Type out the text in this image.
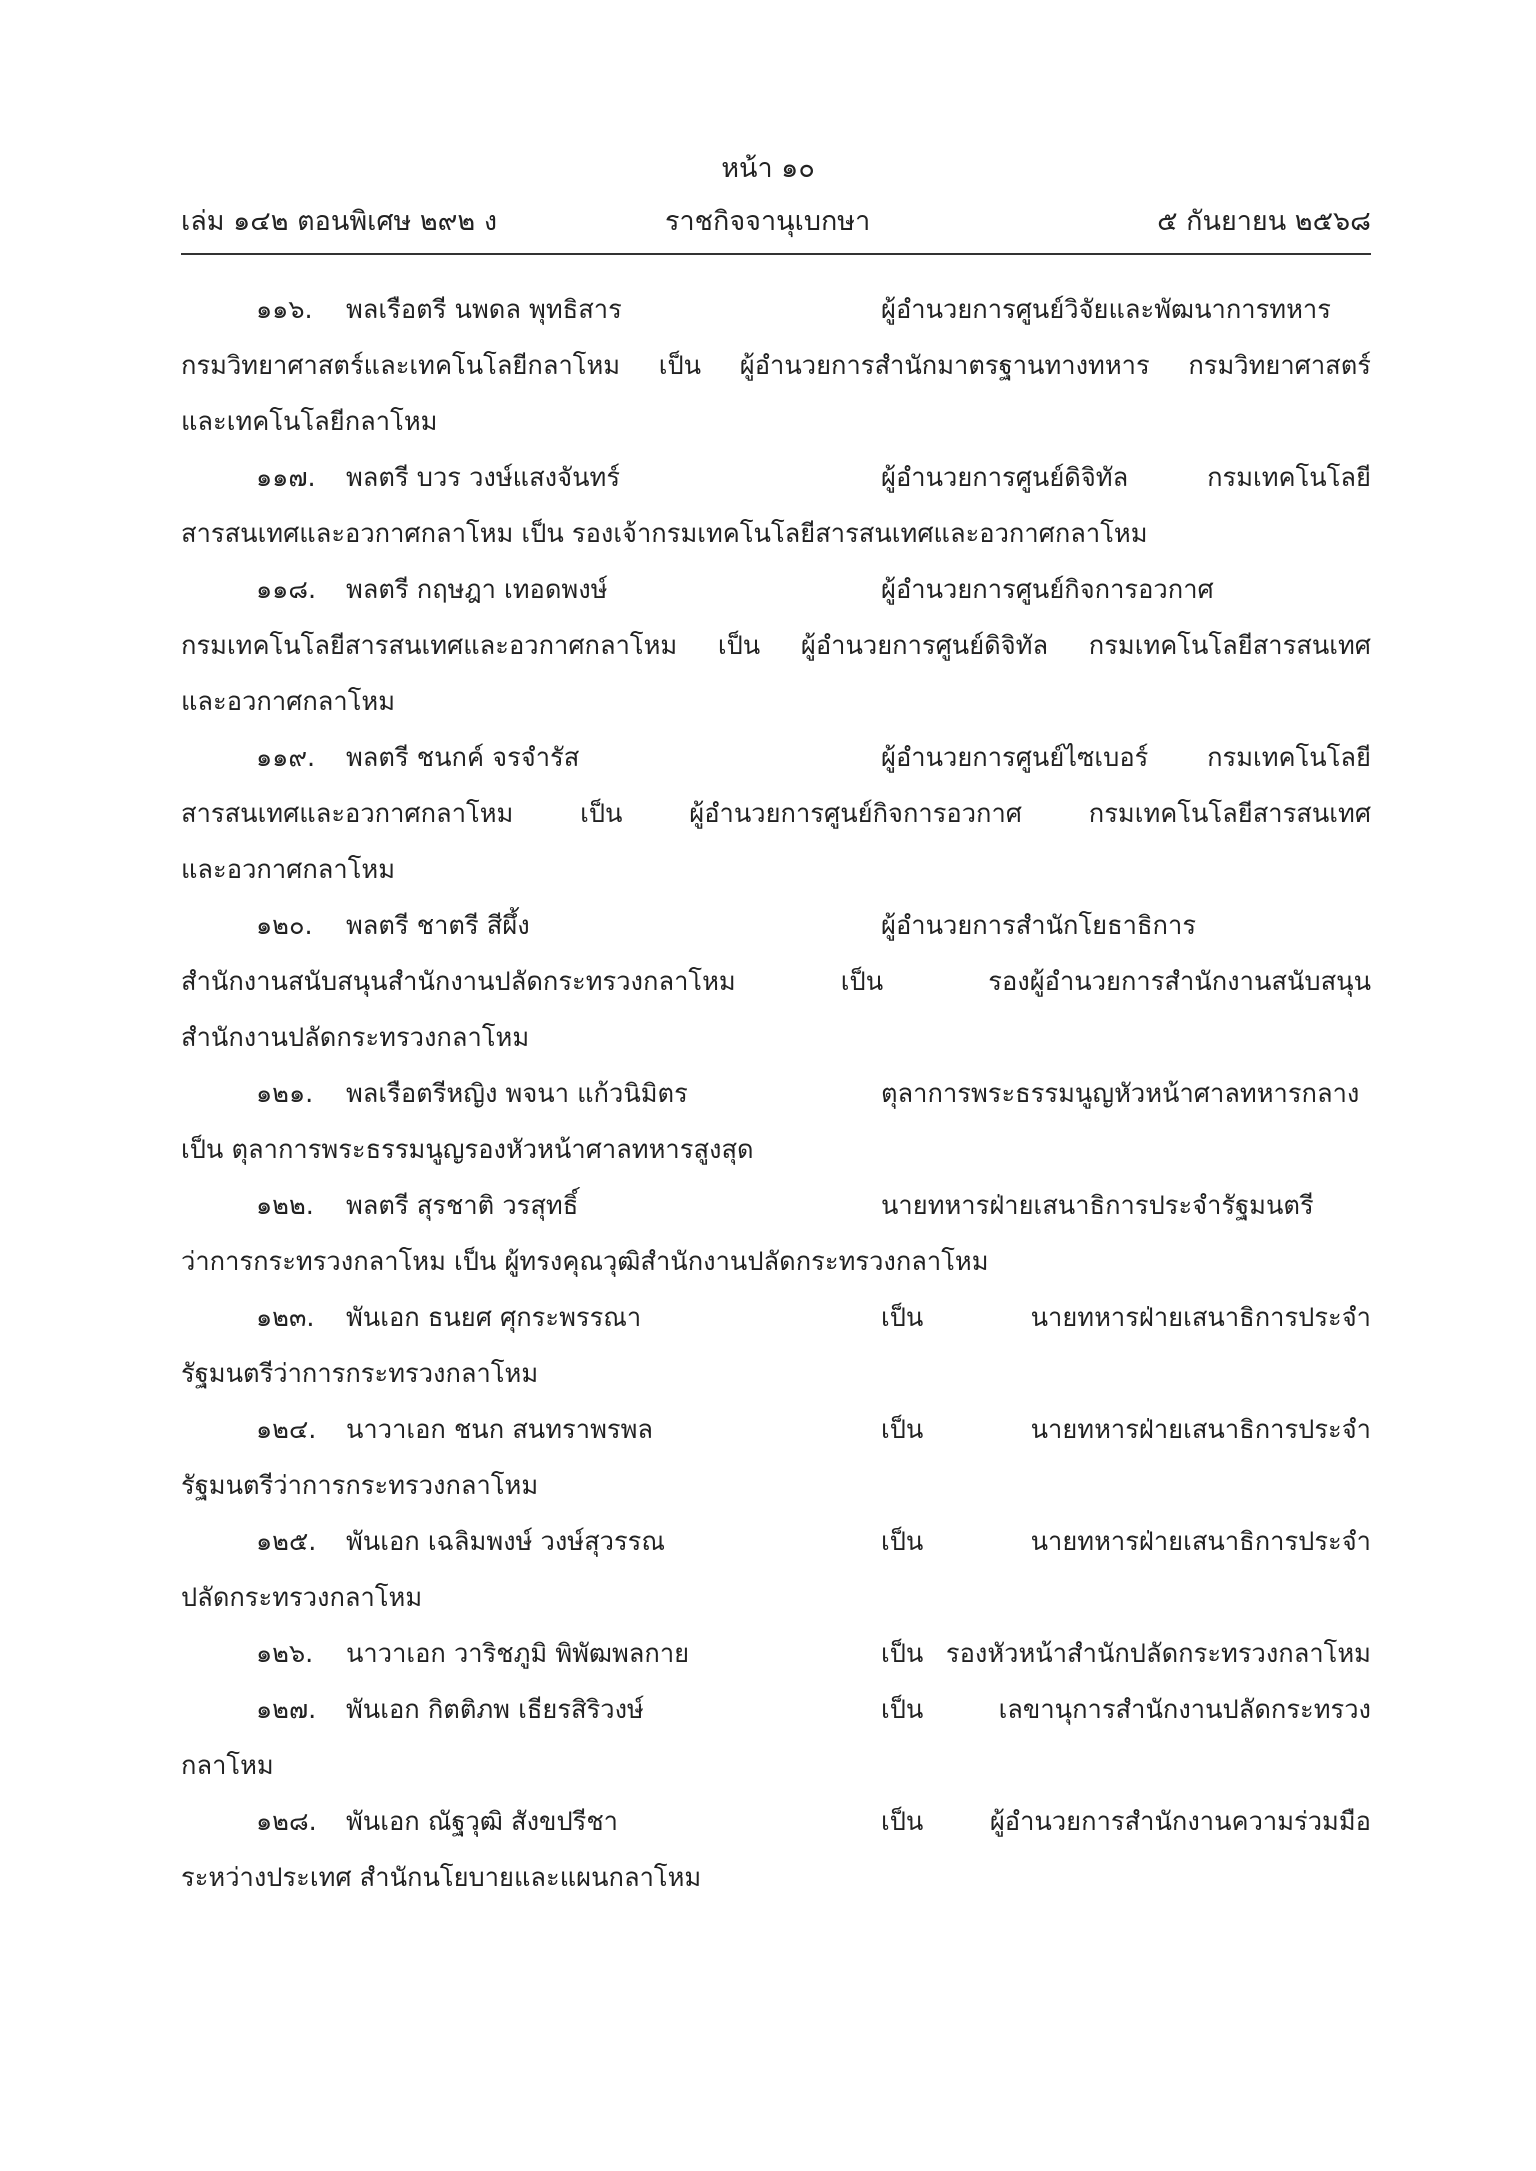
หน้า ๑๐
เล่ม ๑๔๒ ตอนพิเศษ ๒๙๒ ง	ราชกิจจานุเบกษา	๕ กันยายน ๒๕๖๘
๑๑๖. พลเรือตรี นพดล พุทธิสาร	ผู้อำนวยการศูนย์วิจัยและพัฒนาการทหาร
กรมวิทยาศาสตร์และเทคโนโลยีกลาโหม เป็น ผู้อำนวยการสำนักมาตรฐานทางทหาร กรมวิทยาศาสตร์
และเทคโนโลยีกลาโหม
๑๑๗. พลตรี บวร วงษ์แสงจันทร์	ผู้อำนวยการศูนย์ดิจิทัล กรมเทคโนโลยี
สารสนเทศและอวกาศกลาโหม เป็น รองเจ้ากรมเทคโนโลยีสารสนเทศและอวกาศกลาโหม
๑๑๘. พลตรี กฤษฎา เทอดพงษ์	ผู้อำนวยการศูนย์กิจการอวกาศ
กรมเทคโนโลยีสารสนเทศและอวกาศกลาโหม เป็น ผู้อำนวยการศูนย์ดิจิทัล กรมเทคโนโลยีสารสนเทศ
และอวกาศกลาโหม
๑๑๙. พลตรี ชนกค์ จรจำรัส	ผู้อำนวยการศูนย์ไซเบอร์ กรมเทคโนโลยี
สารสนเทศและอวกาศกลาโหม เป็น ผู้อำนวยการศูนย์กิจการอวกาศ กรมเทคโนโลยีสารสนเทศ
และอวกาศกลาโหม
๑๒๐. พลตรี ชาตรี สีผึ้ง	ผู้อำนวยการสำนักโยธาธิการ
สำนักงานสนับสนุนสำนักงานปลัดกระทรวงกลาโหม เป็น รองผู้อำนวยการสำนักงานสนับสนุน
สำนักงานปลัดกระทรวงกลาโหม
๑๒๑. พลเรือตรีหญิง พจนา แก้วนิมิตร	ตุลาการพระธรรมนูญหัวหน้าศาลทหารกลาง
เป็น ตุลาการพระธรรมนูญรองหัวหน้าศาลทหารสูงสุด
๑๒๒. พลตรี สุรชาติ วรสุทธิ์	นายทหารฝ่ายเสนาธิการประจำรัฐมนตรี
ว่าการกระทรวงกลาโหม เป็น ผู้ทรงคุณวุฒิสำนักงานปลัดกระทรวงกลาโหม
๑๒๓. พันเอก ธนยศ ศุกระพรรณา	เป็น นายทหารฝ่ายเสนาธิการประจำ
รัฐมนตรีว่าการกระทรวงกลาโหม
๑๒๔. นาวาเอก ชนก สนทราพรพล	เป็น นายทหารฝ่ายเสนาธิการประจำ
รัฐมนตรีว่าการกระทรวงกลาโหม
๑๒๕. พันเอก เฉลิมพงษ์ วงษ์สุวรรณ	เป็น นายทหารฝ่ายเสนาธิการประจำ
ปลัดกระทรวงกลาโหม
๑๒๖. นาวาเอก วาริชภูมิ พิพัฒพลกาย	เป็น รองหัวหน้าสำนักปลัดกระทรวงกลาโหม
๑๒๗. พันเอก กิตติภพ เธียรสิริวงษ์	เป็น เลขานุการสำนักงานปลัดกระทรวง
กลาโหม
๑๒๘. พันเอก ณัฐวุฒิ สังขปรีชา	เป็น ผู้อำนวยการสำนักงานความร่วมมือ
ระหว่างประเทศ สำนักนโยบายและแผนกลาโหม
